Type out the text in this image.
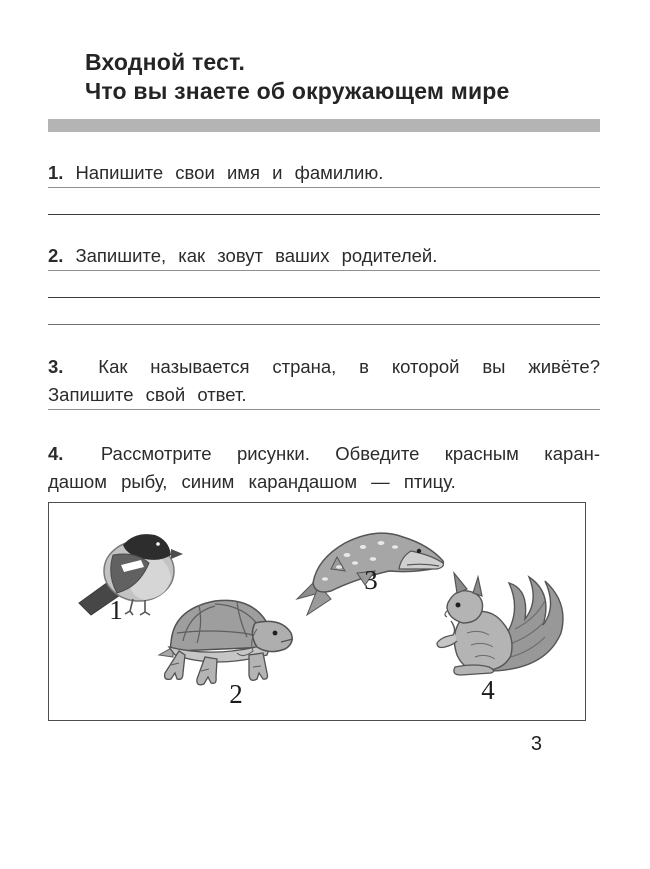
Входной тест.
Что вы знаете об окружающем мире

1. Напишите свои имя и фамилию.

2. Запишите, как зовут ваших родителей.

3. Как называется страна, в которой вы живёте?

Запишите свой ответ.

4. Рассмотрите рисунки. Обведите красным каран-

дашом рыбу, синим карандашом — птицу.

1
2
3
4
3
